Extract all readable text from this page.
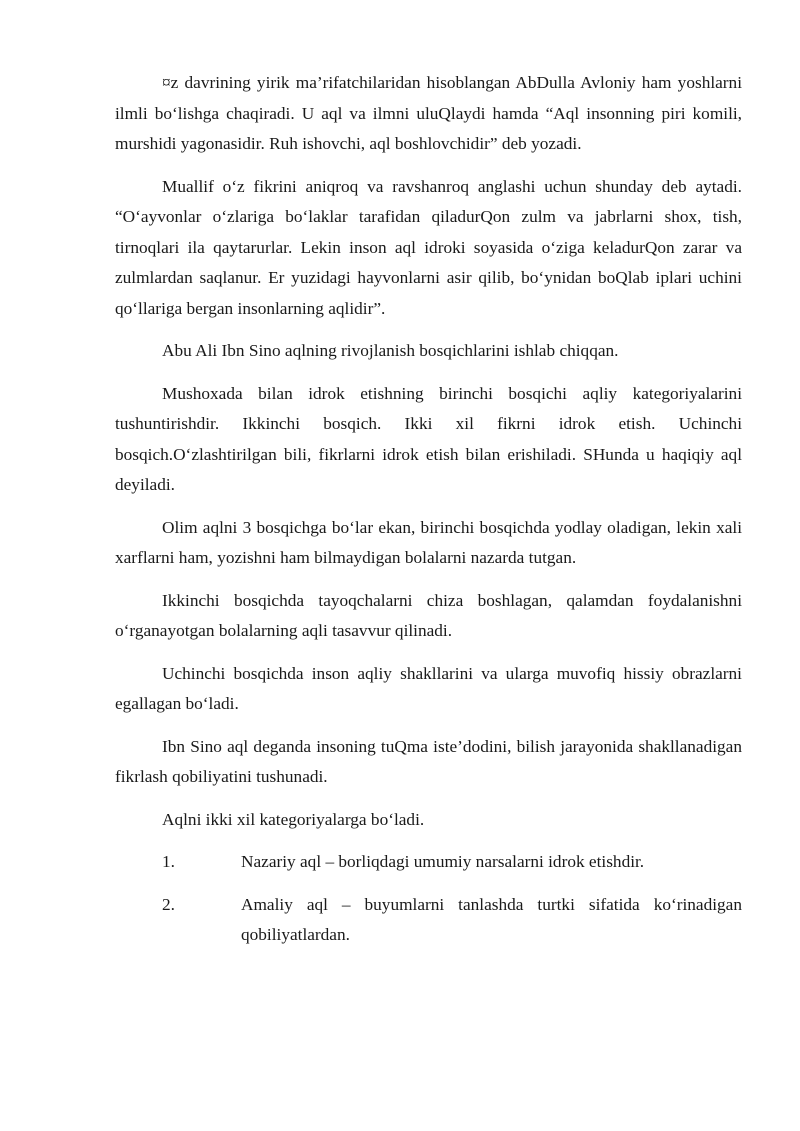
¤z davrining yirik ma’rifatchilaridan hisoblangan AbDulla Avloniy ham yoshlarni ilmli bo‘lishga chaqiradi. U aql va ilmni uluQlaydi hamda “Aql insonning piri komili, murshidi yagonasidir. Ruh ishovchi, aql boshlovchidir” deb yozadi.

Muallif o‘z fikrini aniqroq va ravshanroq anglashi uchun shunday deb aytadi. “O‘ayvonlar o‘zlariga bo‘laklar tarafidan qiladurQon zulm va jabrlarni shox, tish, tirnoqlari ila qaytarurlar. Lekin inson aql idroki soyasida o‘ziga keladurQon zarar va zulmlardan saqlanur. Er yuzidagi hayvonlarni asir qilib, bo‘ynidan boQlab iplari uchini qo‘llariga bergan insonlarning aqlidir”.

Abu Ali Ibn Sino aqlning rivojlanish bosqichlarini ishlab chiqqan.

Mushoxada bilan idrok etishning birinchi bosqichi aqliy kategoriyalarini tushuntirishdir. Ikkinchi bosqich. Ikki xil fikrni idrok etish. Uchinchi bosqich.O‘zlashtirilgan bili, fikrlarni idrok etish bilan erishiladi. SHunda u haqiqiy aql deyiladi.

Olim aqlni 3 bosqichga bo‘lar ekan, birinchi bosqichda yodlay oladigan, lekin xali xarflarni ham, yozishni ham bilmaydigan bolalarni nazarda tutgan.

Ikkinchi bosqichda tayoqchalarni chiza boshlagan, qalamdan foydalanishni o‘rganayotgan bolalarning aqli tasavvur qilinadi.

Uchinchi bosqichda inson aqliy shakllarini va ularga muvofiq hissiy obrazlarni egallagan bo‘ladi.

Ibn Sino aql deganda insoning tuQma iste’dodini, bilish jarayonida shakllanadigan fikrlash qobiliyatini tushunadi.

Aqlni ikki xil kategoriyalarga bo‘ladi.

1.	Nazariy aql – borliqdagi umumiy narsalarni idrok etishdir.
2.	Amaliy aql – buyumlarni tanlashda turtki sifatida ko‘rinadigan qobiliyatlardan.
